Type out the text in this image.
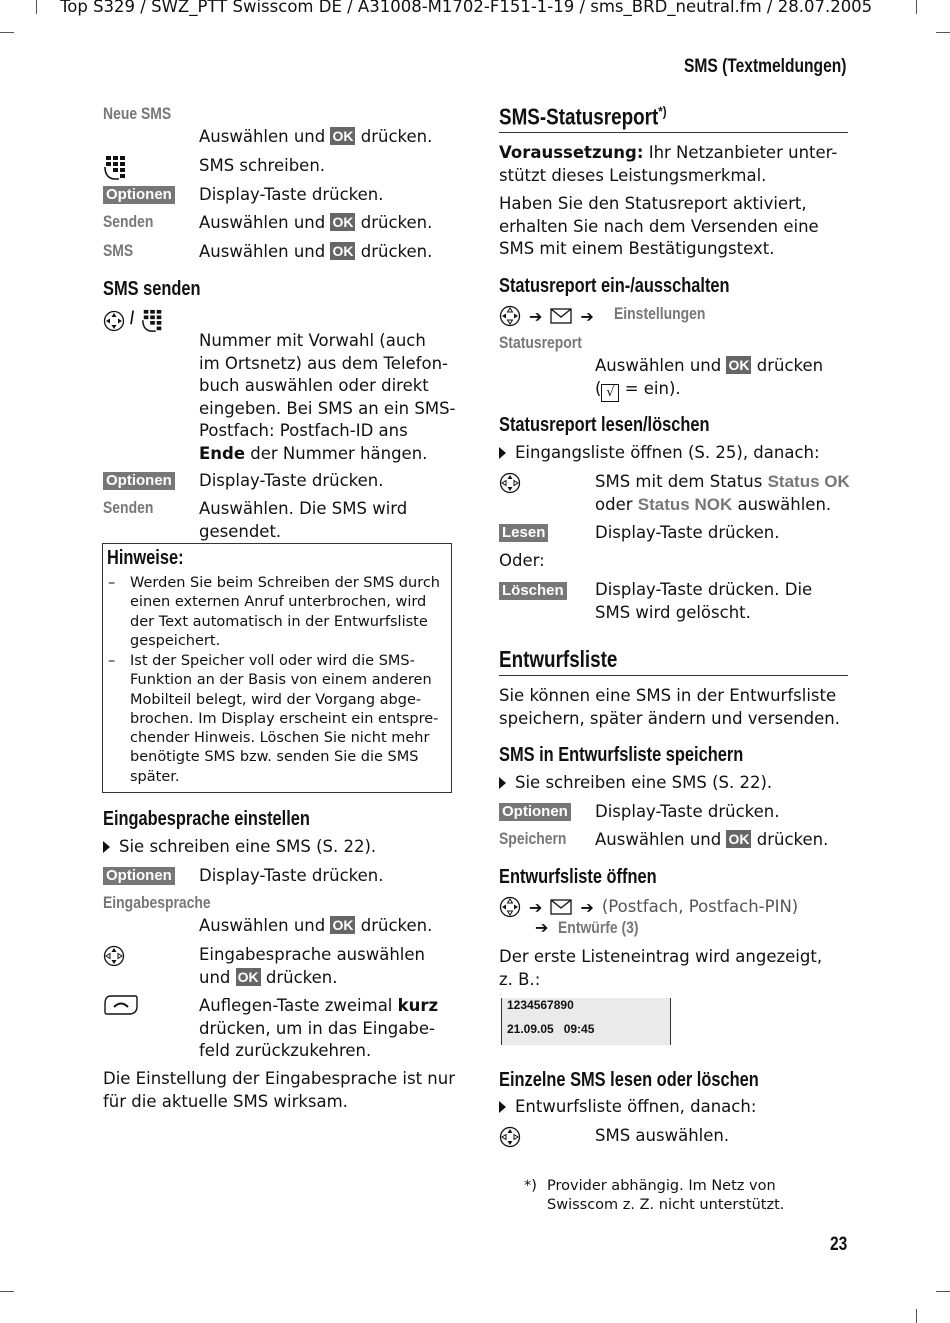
Top S329 / SWZ_PTT Swisscom DE / A31008-M1702-F151-1-19 / sms_BRD_neutral.fm / 28.07.2005
SMS (Textmeldungen)
Neue SMS
Auswählen und OK drücken.
SMS schreiben.
Optionen Display-Taste drücken.
Senden	Auswählen und OK drücken.
SMS	Auswählen und OK drücken.
SMS senden
/
Nummer mit Vorwahl (auch
im Ortsnetz) aus dem Telefon-
buch auswählen oder direkt
eingeben. Bei SMS an ein SMS-
Postfach: Postfach-ID ans
Ende der Nummer hängen.
Optionen Display-Taste drücken.
Senden	Auswählen. Die SMS wird
gesendet.
Hinweise:
– Werden Sie beim Schreiben der SMS durch
einen externen Anruf unterbrochen, wird
der Text automatisch in der Entwurfsliste
gespeichert.
– Ist der Speicher voll oder wird die SMS-
Funktion an der Basis von einem anderen
Mobilteil belegt, wird der Vorgang abge-
brochen. Im Display erscheint ein entspre-
chender Hinweis. Löschen Sie nicht mehr
benötigte SMS bzw. senden Sie die SMS
später.
Eingabesprache einstellen
Sie schreiben eine SMS (S. 22).
Optionen Display-Taste drücken.
Eingabesprache
Auswählen und OK drücken.
Eingabesprache auswählen
und OK drücken.
Auflegen-Taste zweimal kurz
drücken, um in das Eingabe-
feld zurückzukehren.
Die Einstellung der Eingabesprache ist nur
für die aktuelle SMS wirksam.
SMS-Statusreport*)
Voraussetzung: Ihr Netzanbieter unter-
stützt dieses Leistungsmerkmal.
Haben Sie den Statusreport aktiviert,
erhalten Sie nach dem Versenden eine
SMS mit einem Bestätigungstext.
Statusreport ein-/ausschalten
➔ ➔ Einstellungen
Statusreport
Auswählen und OK drücken
( √ = ein).
Statusreport lesen/löschen
Eingangsliste öffnen (S. 25), danach:
SMS mit dem Status Status OK
oder Status NOK auswählen.
Lesen	Display-Taste drücken.
Oder:
Löschen Display-Taste drücken. Die
SMS wird gelöscht.
Entwurfsliste
Sie können eine SMS in der Entwurfsliste
speichern, später ändern und versenden.
SMS in Entwurfsliste speichern
Sie schreiben eine SMS (S. 22).
Optionen Display-Taste drücken.
Speichern Auswählen und OK drücken.
Entwurfsliste öffnen
➔ ➔ (Postfach, Postfach-PIN)
➔ Entwürfe (3)
Der erste Listeneintrag wird angezeigt,
z. B.:
1234567890
21.09.05   09:45
Einzelne SMS lesen oder löschen
Entwurfsliste öffnen, danach:
SMS auswählen.
*) Provider abhängig. Im Netz von
Swisscom z. Z. nicht unterstützt.
23
